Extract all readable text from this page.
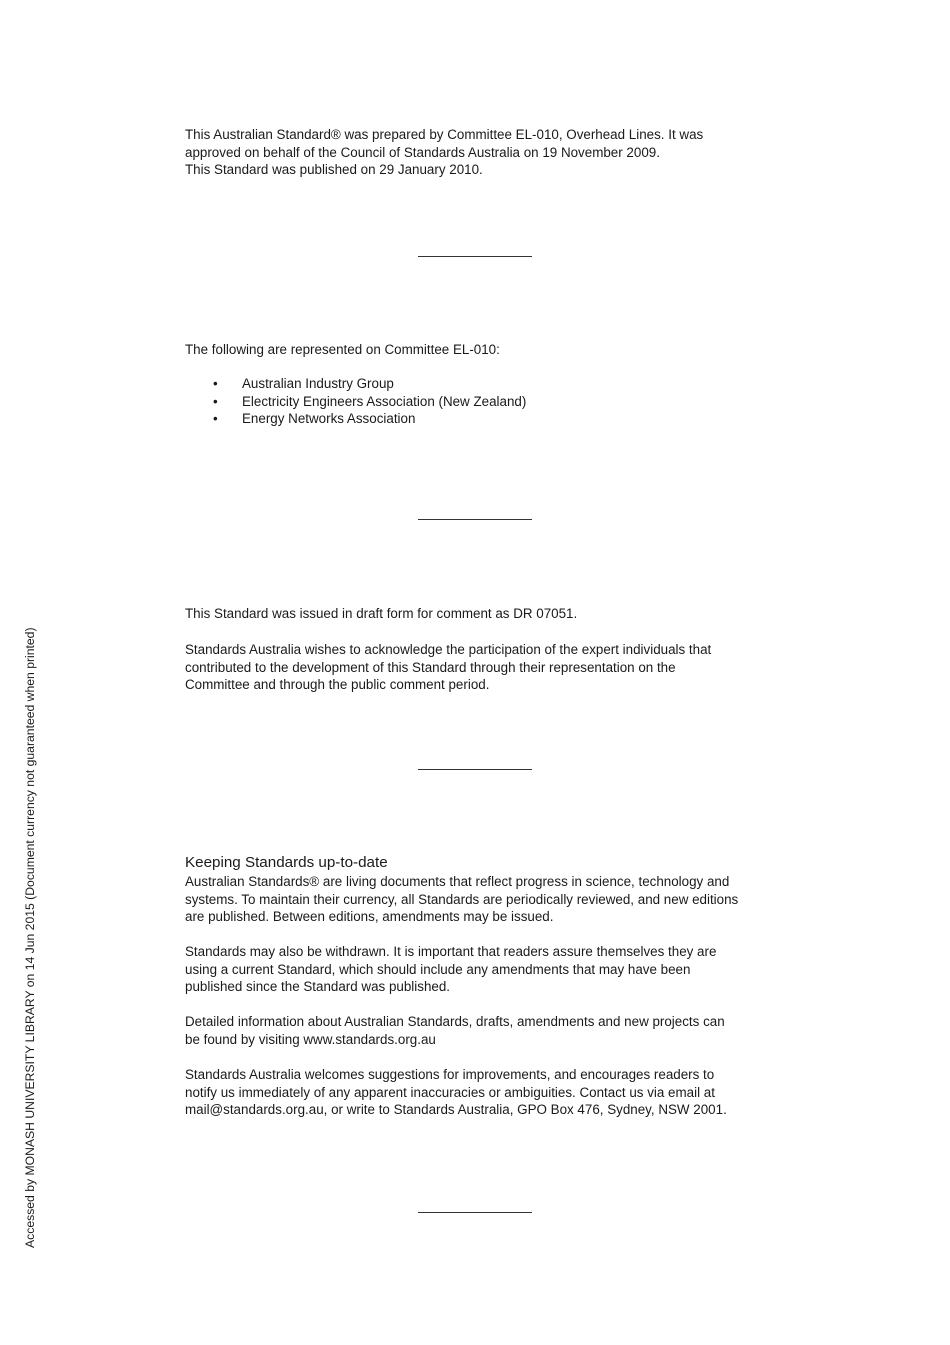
This Australian Standard® was prepared by Committee EL-010, Overhead Lines. It was
approved on behalf of the Council of Standards Australia on 19 November 2009.
This Standard was published on 29 January 2010.

The following are represented on Committee EL-010:

• Australian Industry Group
• Electricity Engineers Association (New Zealand)
• Energy Networks Association

This Standard was issued in draft form for comment as DR 07051.

Standards Australia wishes to acknowledge the participation of the expert individuals that
contributed to the development of this Standard through their representation on the
Committee and through the public comment period.

Keeping Standards up-to-date

Australian Standards® are living documents that reflect progress in science, technology and
systems. To maintain their currency, all Standards are periodically reviewed, and new editions
are published. Between editions, amendments may be issued.

Standards may also be withdrawn. It is important that readers assure themselves they are
using a current Standard, which should include any amendments that may have been
published since the Standard was published.

Detailed information about Australian Standards, drafts, amendments and new projects can
be found by visiting www.standards.org.au

Standards Australia welcomes suggestions for improvements, and encourages readers to
notify us immediately of any apparent inaccuracies or ambiguities. Contact us via email at
mail@standards.org.au, or write to Standards Australia, GPO Box 476, Sydney, NSW 2001.

Accessed by MONASH UNIVERSITY LIBRARY on 14 Jun 2015 (Document currency not guaranteed when printed)
